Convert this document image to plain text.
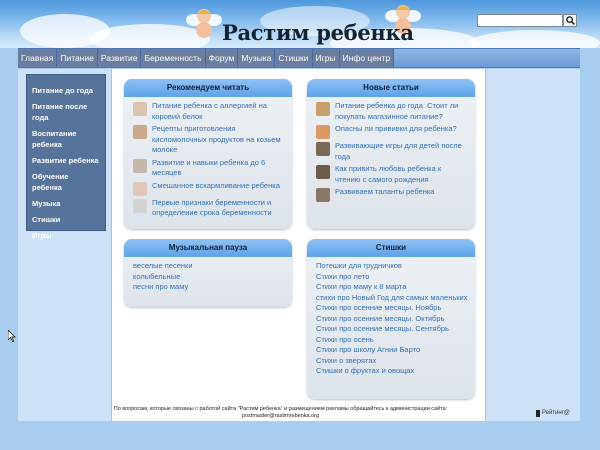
Растим ребенка
Главная Питание Развитие Беременность Форум Музыка Стишки Игры Инфо центр
Питание до года
Питание после года
Воспитание ребенка
Развитие ребенка
Обучение ребенка
Музыка
Стишки
Игры
Рекомендуем читать
Питание ребенка с аллергией на коровий белок
Рецепты приготовления кисломолочных продуктов на козьем молоке
Развитие и навыки ребенка до 6 месяцев
Смешанное вскармливание ребенка
Первые признаки беременности и определение срока беременности
Новые статьи
Питание ребенка до года. Стоит ли покупать магазинное питание?
Опасны ли прививки для ребенка?
Развивающие игры для детей после года
Как привить любовь ребенка к чтению с самого рождения
Развиваем таланты ребенка
Музыкальная пауза
веселые песенки
колыбельные
песни про маму
Стишки
Потешки для грудничков
Стихи про лето
Стихи про маму к 8 марта
стихи про Новый Год для самых маленьких
Стихи про осенние месяцы. Ноябрь
Стихи про осенние месяцы. Октябрь
Стихи про осенние месяцы. Сентябрь
Стихи про осень
Стихи про школу Агнии Барто
Стихи о зверятах
Стишки о фруктах и овощах
По вопросам, которые связаны с работой сайта "Растим ребенка" и размещением рекламы обращайтесь к администрации сайта:
postmaster@rastimrebenka.org	Рейтинг@
